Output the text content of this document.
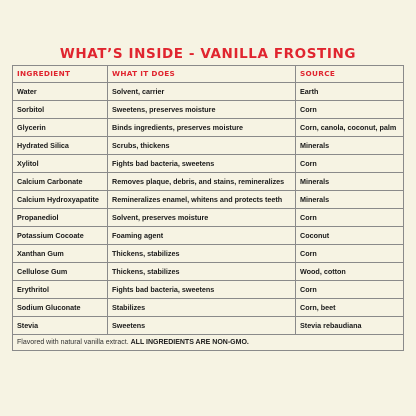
WHAT’S INSIDE - VANILLA FROSTING
INGREDIENT	WHAT IT DOES	SOURCE
Water	Solvent, carrier	Earth
Sorbitol	Sweetens, preserves moisture	Corn
Glycerin	Binds ingredients, preserves moisture	Corn, canola, coconut, palm
Hydrated Silica	Scrubs, thickens	Minerals
Xylitol	Fights bad bacteria, sweetens	Corn
Calcium Carbonate	Removes plaque, debris, and stains, remineralizes	Minerals
Calcium Hydroxyapatite	Remineralizes enamel, whitens and protects teeth	Minerals
Propanediol	Solvent, preserves moisture	Corn
Potassium Cocoate	Foaming agent	Coconut
Xanthan Gum	Thickens, stabilizes	Corn
Cellulose Gum	Thickens, stabilizes	Wood, cotton
Erythritol	Fights bad bacteria, sweetens	Corn
Sodium Gluconate	Stabilizes	Corn, beet
Stevia	Sweetens	Stevia rebaudiana
Flavored with natural vanilla extract. ALL INGREDIENTS ARE NON-GMO.		
